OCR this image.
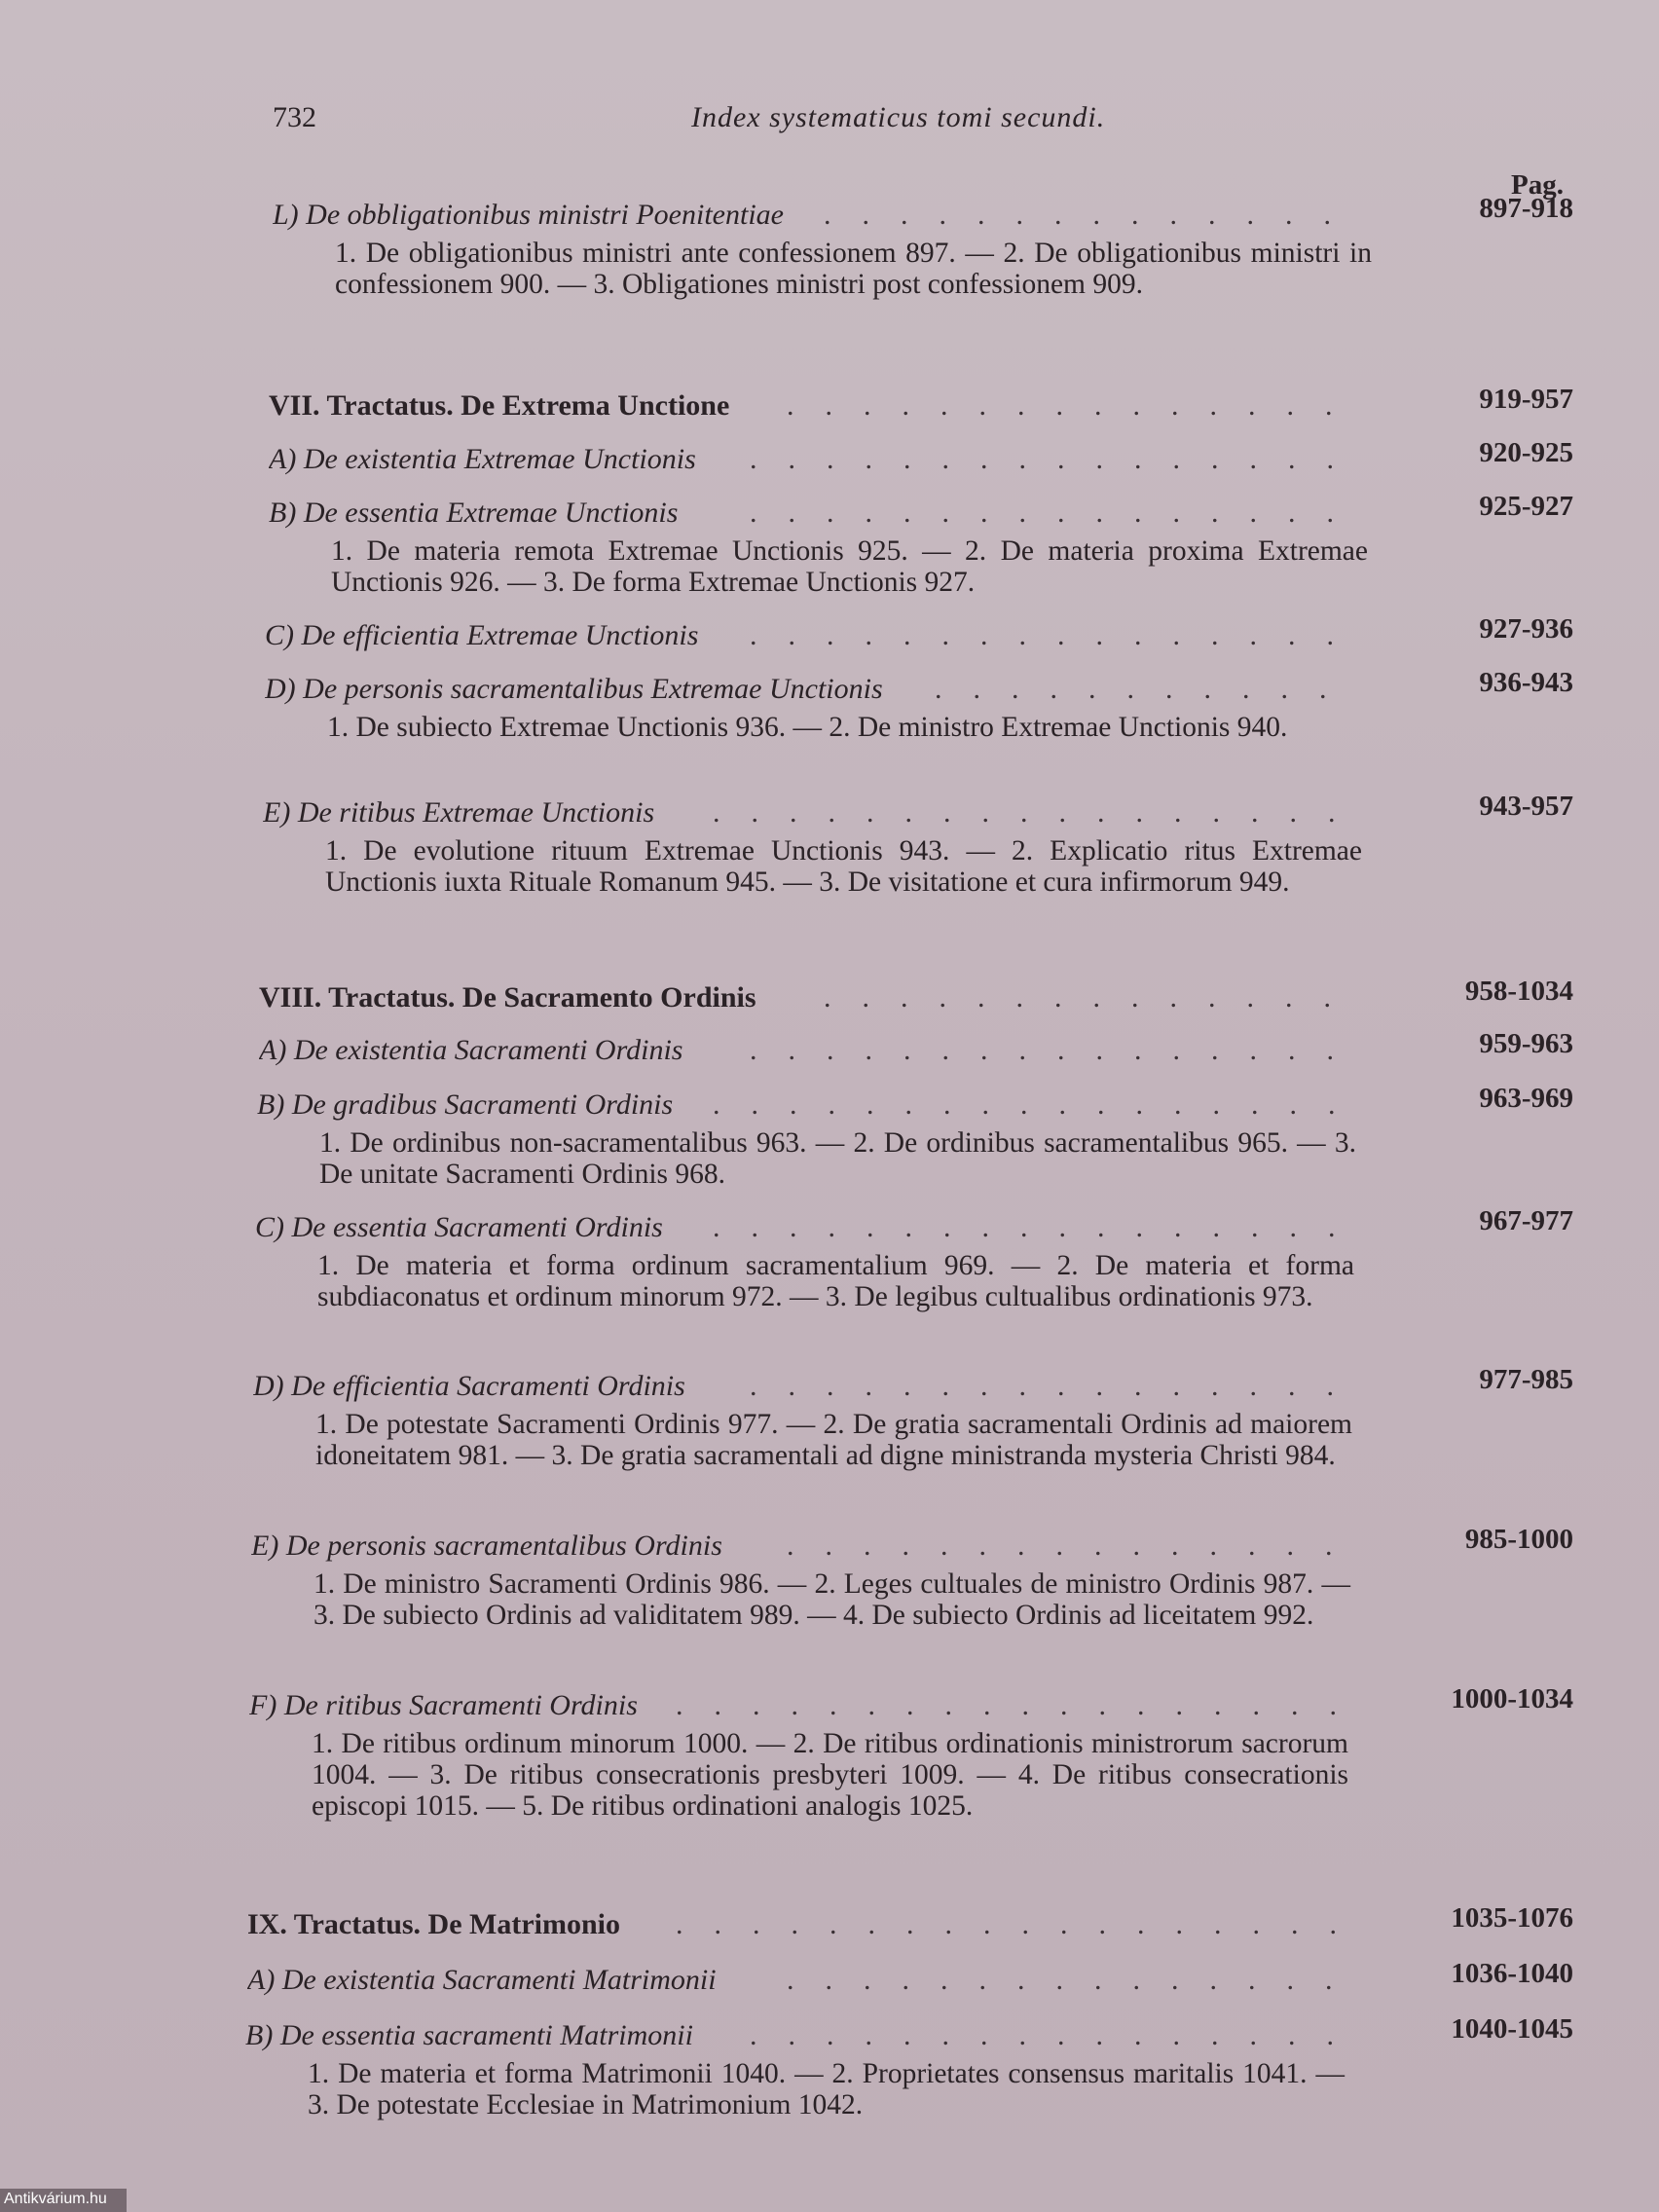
732	Index systematicus tomi secundi.
Pag.
L) De obbligationibus ministri Poenitentiae	..............	897-918
1. De obligationibus ministri ante confessionem 897. — 2. De obligationibus ministri in confessionem 900. — 3. Obligationes ministri post confessionem 909.
VII. Tractatus. De Extrema Unctione	...............	919-957
A) De existentia Extremae Unctionis	................	920-925
B) De essentia Extremae Unctionis	................	925-927
1. De materia remota Extremae Unctionis 925. — 2. De materia proxima Extremae Unctionis 926. — 3. De forma Extremae Unctionis 927.
C) De efficientia Extremae Unctionis	................	927-936
D) De personis sacramentalibus Extremae Unctionis	...........	936-943
1. De subiecto Extremae Unctionis 936. — 2. De ministro Extremae Unctionis 940.
E) De ritibus Extremae Unctionis	.................	943-957
1. De evolutione rituum Extremae Unctionis 943. — 2. Explicatio ritus Extremae Unctionis iuxta Rituale Romanum 945. — 3. De visitatione et cura infirmorum 949.
VIII. Tractatus. De Sacramento Ordinis	..............	958-1034
A) De existentia Sacramenti Ordinis	................	959-963
B) De gradibus Sacramenti Ordinis	.................	963-969
1. De ordinibus non-sacramentalibus 963. — 2. De ordinibus sacramentalibus 965. — 3. De unitate Sacramenti Ordinis 968.
C) De essentia Sacramenti Ordinis	.................	967-977
1. De materia et forma ordinum sacramentalium 969. — 2. De materia et forma subdiaconatus et ordinum minorum 972. — 3. De legibus cultualibus ordinationis 973.
D) De efficientia Sacramenti Ordinis	................	977-985
1. De potestate Sacramenti Ordinis 977. — 2. De gratia sacramentali Ordinis ad maiorem idoneitatem 981. — 3. De gratia sacramentali ad digne ministranda mysteria Christi 984.
E) De personis sacramentalibus Ordinis	...............	985-1000
1. De ministro Sacramenti Ordinis 986. — 2. Leges cultuales de ministro Ordinis 987. — 3. De subiecto Ordinis ad validitatem 989. — 4. De subiecto Ordinis ad liceitatem 992.
F) De ritibus Sacramenti Ordinis	..................	1000-1034
1. De ritibus ordinum minorum 1000. — 2. De ritibus ordinationis ministrorum sacrorum 1004. — 3. De ritibus consecrationis presbyteri 1009. — 4. De ritibus consecrationis episcopi 1015. — 5. De ritibus ordinationi analogis 1025.
IX. Tractatus. De Matrimonio	..................	1035-1076
A) De existentia Sacramenti Matrimonii	...............	1036-1040
B) De essentia sacramenti Matrimonii	................	1040-1045
1. De materia et forma Matrimonii 1040. — 2. Proprietates consensus maritalis 1041. — 3. De potestate Ecclesiae in Matrimonium 1042.
Antikvárium.hu
